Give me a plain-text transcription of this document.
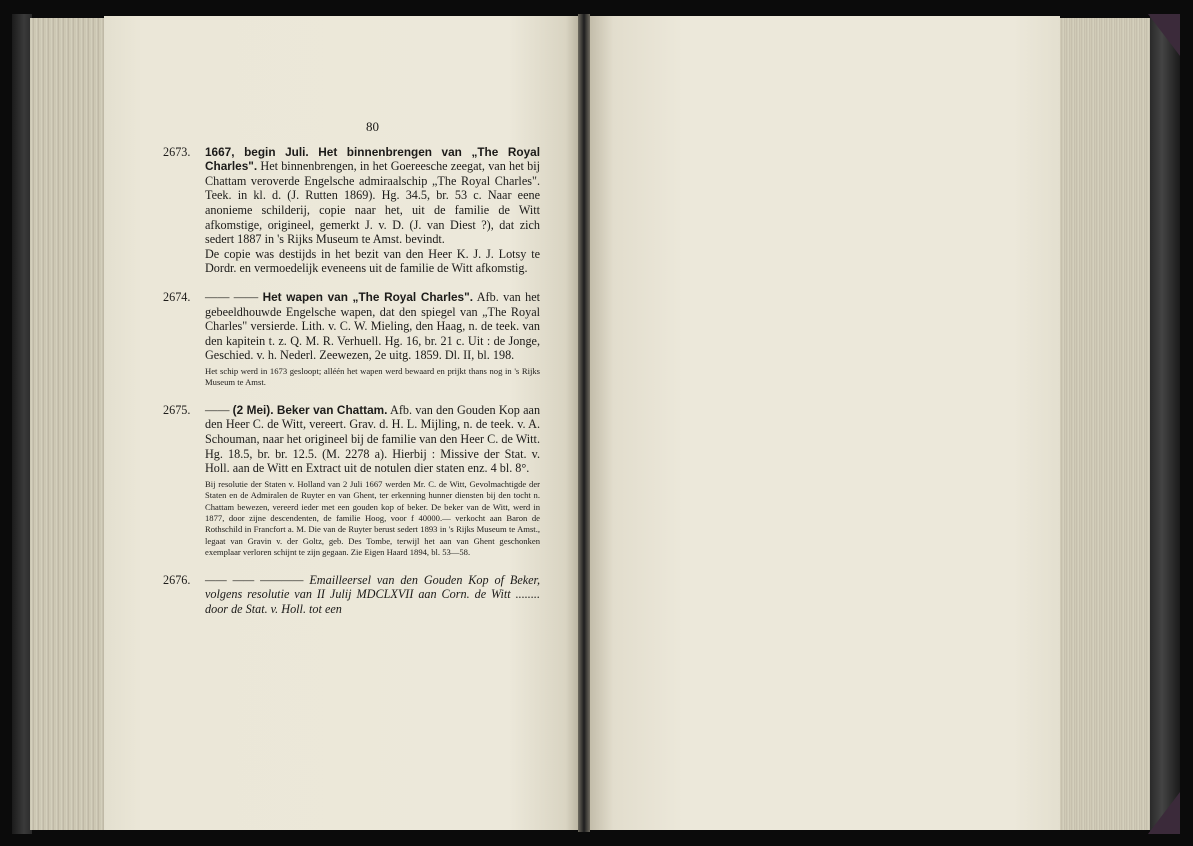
80
2673.	1667, begin Juli. Het binnenbrengen van „The Royal Charles". Het binnenbrengen, in het Goereesche zeegat, van het bij Chattam veroverde Engelsche admiraalschip „The Royal Charles". Teek. in kl. d. (J. Rutten 1869). Hg. 34.5, br. 53 c. Naar eene anonieme schilderij, copie naar het, uit de familie de Witt afkomstige, origineel, gemerkt J. v. D. (J. van Diest ?), dat zich sedert 1887 in 's Rijks Museum te Amst. bevindt.
De copie was destijds in het bezit van den Heer K. J. J. Lotsy te Dordr. en vermoedelijk eveneens uit de familie de Witt afkomstig.
2674.	—— —— Het wapen van „The Royal Charles". Afb. van het gebeeldhouwde Engelsche wapen, dat den spiegel van „The Royal Charles" versierde. Lith. v. C. W. Mieling, den Haag, n. de teek. van den kapitein t. z. Q. M. R. Verhuell. Hg. 16, br. 21 c. Uit : de Jonge, Geschied. v. h. Nederl. Zeewezen, 2e uitg. 1859. Dl. II, bl. 198.
Het schip werd in 1673 gesloopt; alléén het wapen werd bewaard en prijkt thans nog in 's Rijks Museum te Amst.
2675.	—— (2 Mei). Beker van Chattam. Afb. van den Gouden Kop aan den Heer C. de Witt, vereert. Grav. d. H. L. Mijling, n. de teek. v. A. Schouman, naar het origineel bij de familie van den Heer C. de Witt. Hg. 18.5, br. br. 12.5. (M. 2278 a). Hierbij : Missive der Stat. v. Holl. aan de Witt en Extract uit de notulen dier staten enz. 4 bl. 8°.
Bij resolutie der Staten v. Holland van 2 Juli 1667 werden Mr. C. de Witt, Gevolmachtigde der Staten en de Admiralen de Ruyter en van Ghent, ter erkenning hunner diensten bij den tocht n. Chattam bewezen, vereerd ieder met een gouden kop of beker. De beker van de Witt, werd in 1877, door zijne descendenten, de familie Hoog, voor f 40000.— verkocht aan Baron de Rothschild in Francfort a. M. Die van de Ruyter berust sedert 1893 in 's Rijks Museum te Amst., legaat van Gravin v. der Goltz, geb. Des Tombe, terwijl het aan van Ghent geschonken exemplaar verloren schijnt te zijn gegaan. Zie Eigen Haard 1894, bl. 53—58.
2676.	—— —— ———— Emailleersel van den Gouden Kop of Beker, volgens resolutie van II Julij MDCLXVII aan Corn. de Witt ........ door de Stat. v. Holl. tot een
